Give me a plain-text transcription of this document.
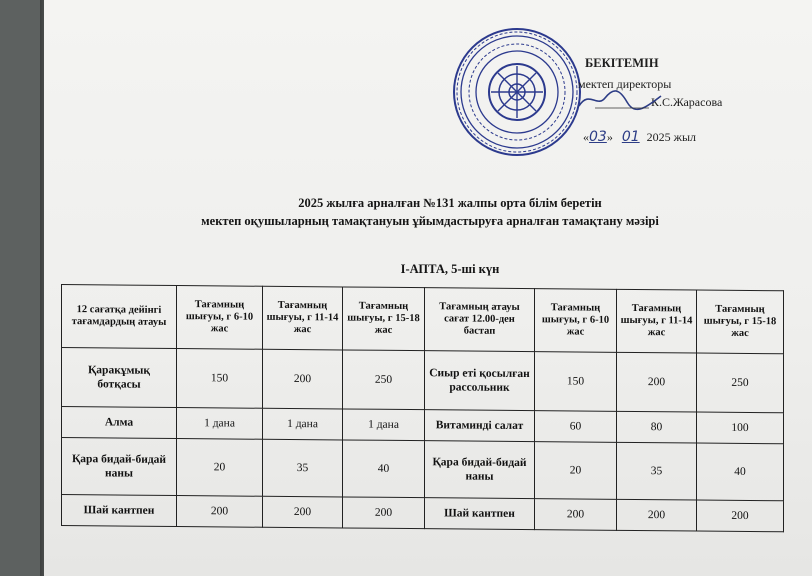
БЕКІТЕМІН
мектеп директоры
К.С.Жарасова
«03» 01 2025 жыл
2025 жылға арналған №131 жалпы орта білім беретін
мектеп оқушыларның тамақтануын ұйымдастыруға арналған тамақтану мәзірі
І-АПТА, 5-ші күн
12 сағатқа дейінгі тағамдардың атауы	Тағамның шығуы, г 6-10 жас	Тағамның шығуы, г 11-14 жас	Тағамның шығуы, г 15-18 жас	Тағамның атауы сағат 12.00-ден бастап	Тағамның шығуы, г 6-10 жас	Тағамның шығуы, г 11-14 жас	Тағамның шығуы, г 15-18 жас
Қаракұмық ботқасы	150	200	250	Сиыр еті қосылған рассольник	150	200	250
Алма	1 дана	1 дана	1 дана	Витаминді салат	60	80	100
Қара бидай-бидай наны	20	35	40	Қара бидай-бидай наны	20	35	40
Шай кантпен	200	200	200	Шай кантпен	200	200	200
